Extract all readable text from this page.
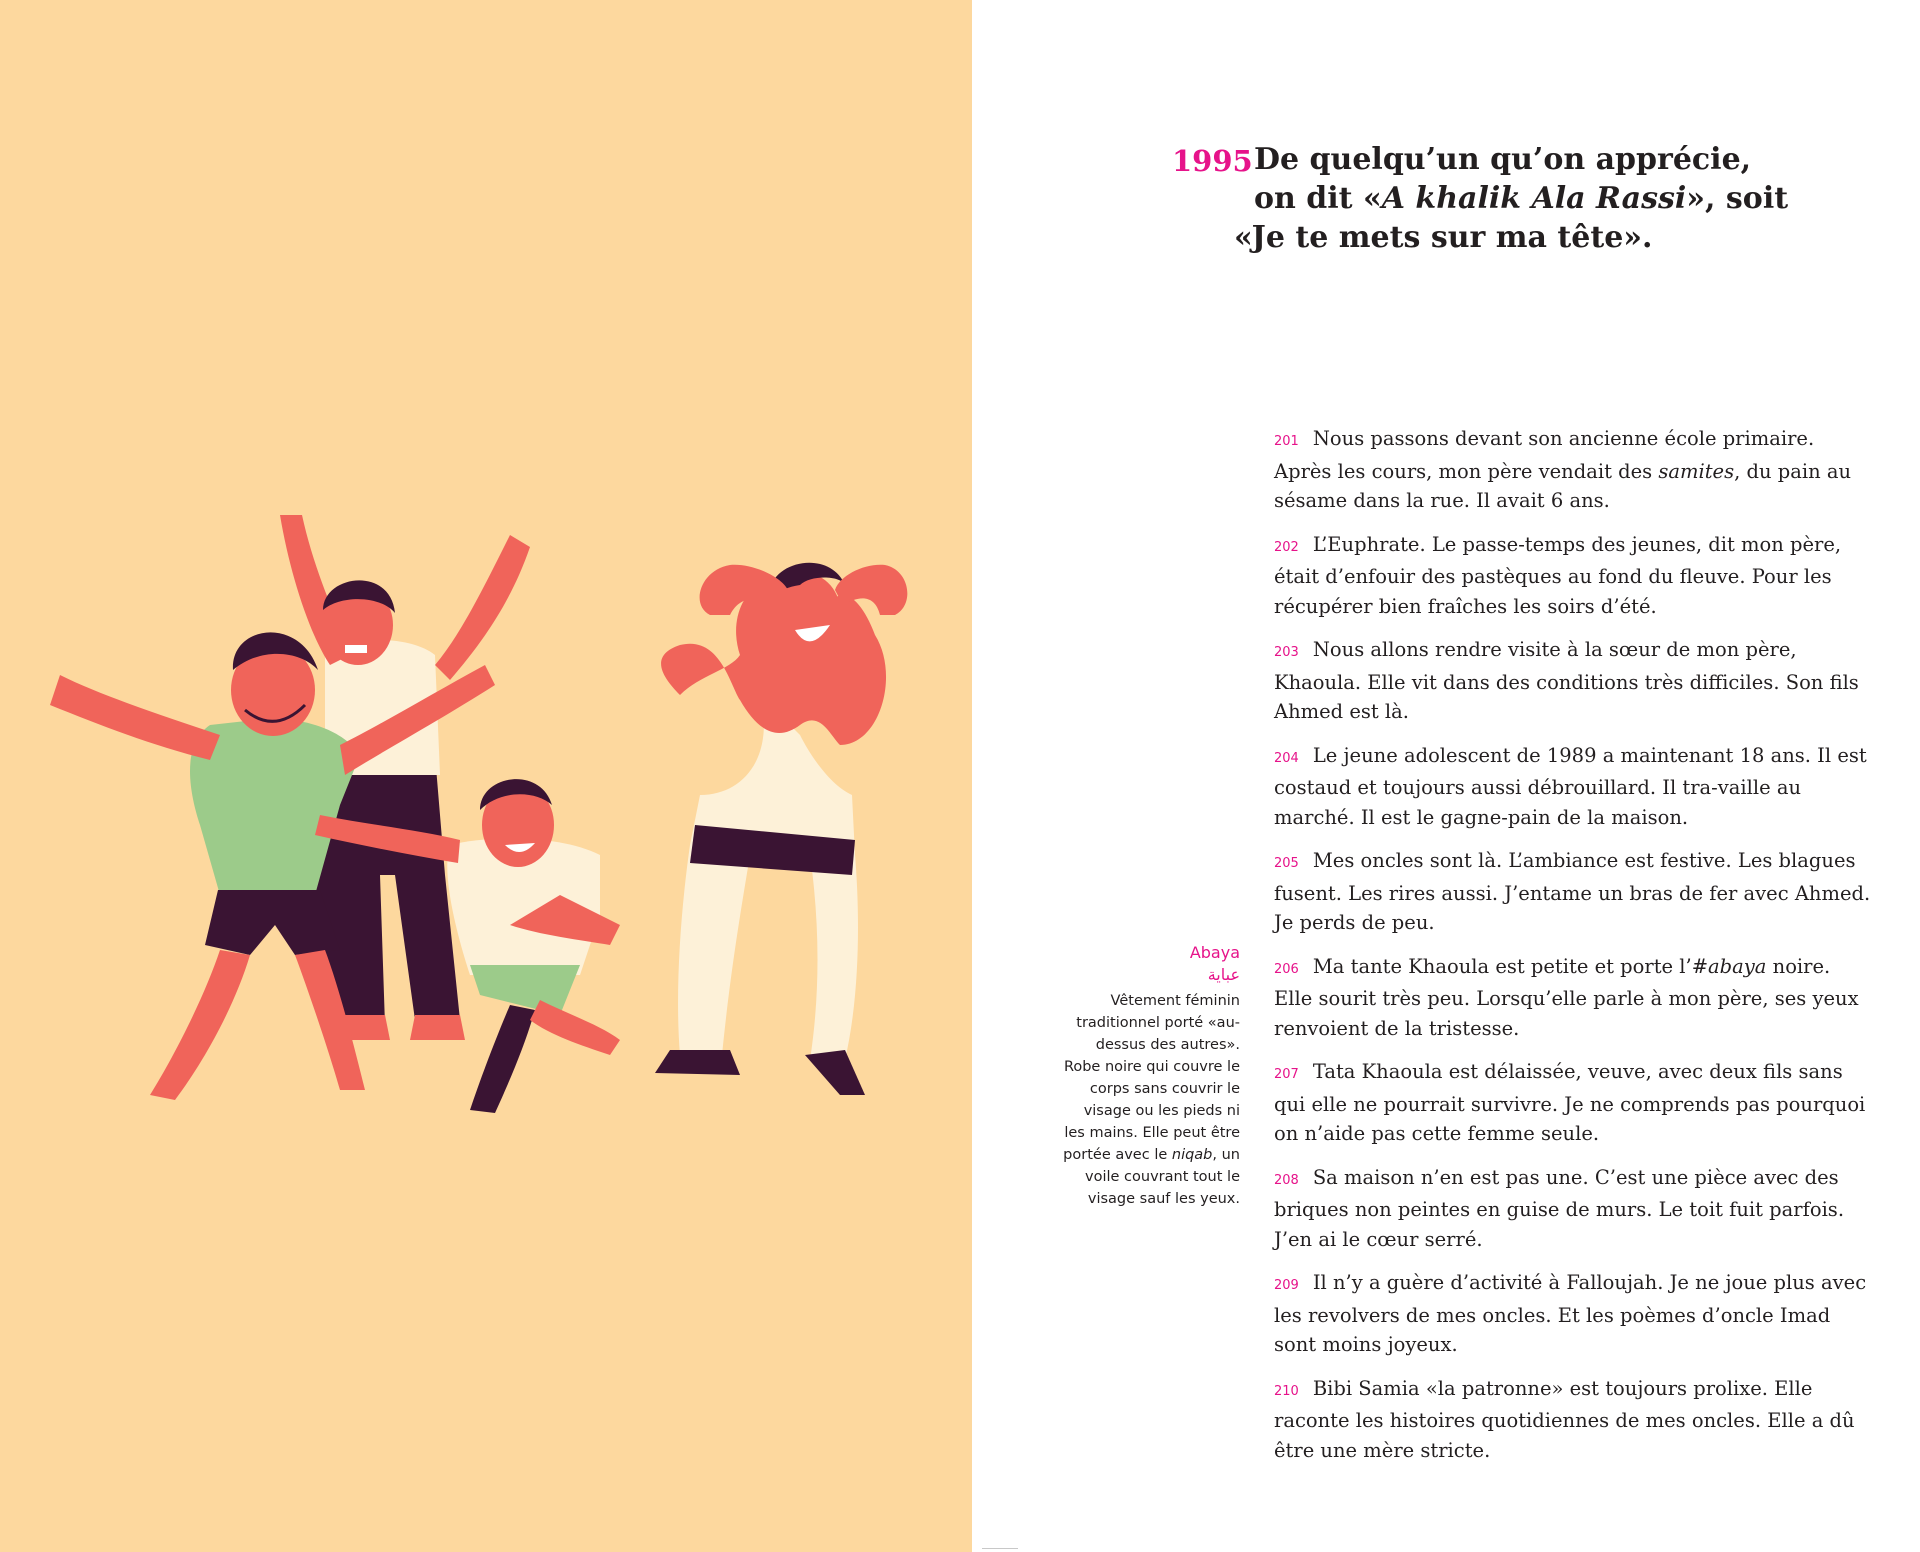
1995 De quelqu’un qu’on apprécie,
on dit «A khalik Ala Rassi», soit

«Je te mets sur ma tête».

201 Nous passons devant son ancienne école primaire. Après les cours, mon père vendait des samites, du pain au sésame dans la rue. Il avait 6 ans.

202 L’Euphrate. Le passe-temps des jeunes, dit mon père, était d’enfouir des pastèques au fond du fleuve. Pour les récupérer bien fraîches les soirs d’été.

203 Nous allons rendre visite à la sœur de mon père, Khaoula. Elle vit dans des conditions très difficiles. Son fils Ahmed est là.

204 Le jeune adolescent de 1989 a maintenant 18 ans. Il est costaud et toujours aussi débrouillard. Il tra-vaille au marché. Il est le gagne-pain de la maison.

205 Mes oncles sont là. L’ambiance est festive. Les blagues fusent. Les rires aussi. J’entame un bras de fer avec Ahmed. Je perds de peu.

206 Ma tante Khaoula est petite et porte l’#abaya noire. Elle sourit très peu. Lorsqu’elle parle à mon père, ses yeux renvoient de la tristesse.

207 Tata Khaoula est délaissée, veuve, avec deux fils sans qui elle ne pourrait survivre. Je ne comprends pas pourquoi on n’aide pas cette femme seule.

208 Sa maison n’en est pas une. C’est une pièce avec des briques non peintes en guise de murs. Le toit fuit parfois. J’en ai le cœur serré.

209 Il n’y a guère d’activité à Falloujah. Je ne joue plus avec les revolvers de mes oncles. Et les poèmes d’oncle Imad sont moins joyeux.

210 Bibi Samia «la patronne» est toujours prolixe. Elle raconte les histoires quotidiennes de mes oncles. Elle a dû être une mère stricte.

Abaya
عباية
Vêtement féminin traditionnel porté «au-dessus des autres». Robe noire qui couvre le corps sans couvrir le visage ou les pieds ni les mains. Elle peut être portée avec le niqab, un voile couvrant tout le visage sauf les yeux.
